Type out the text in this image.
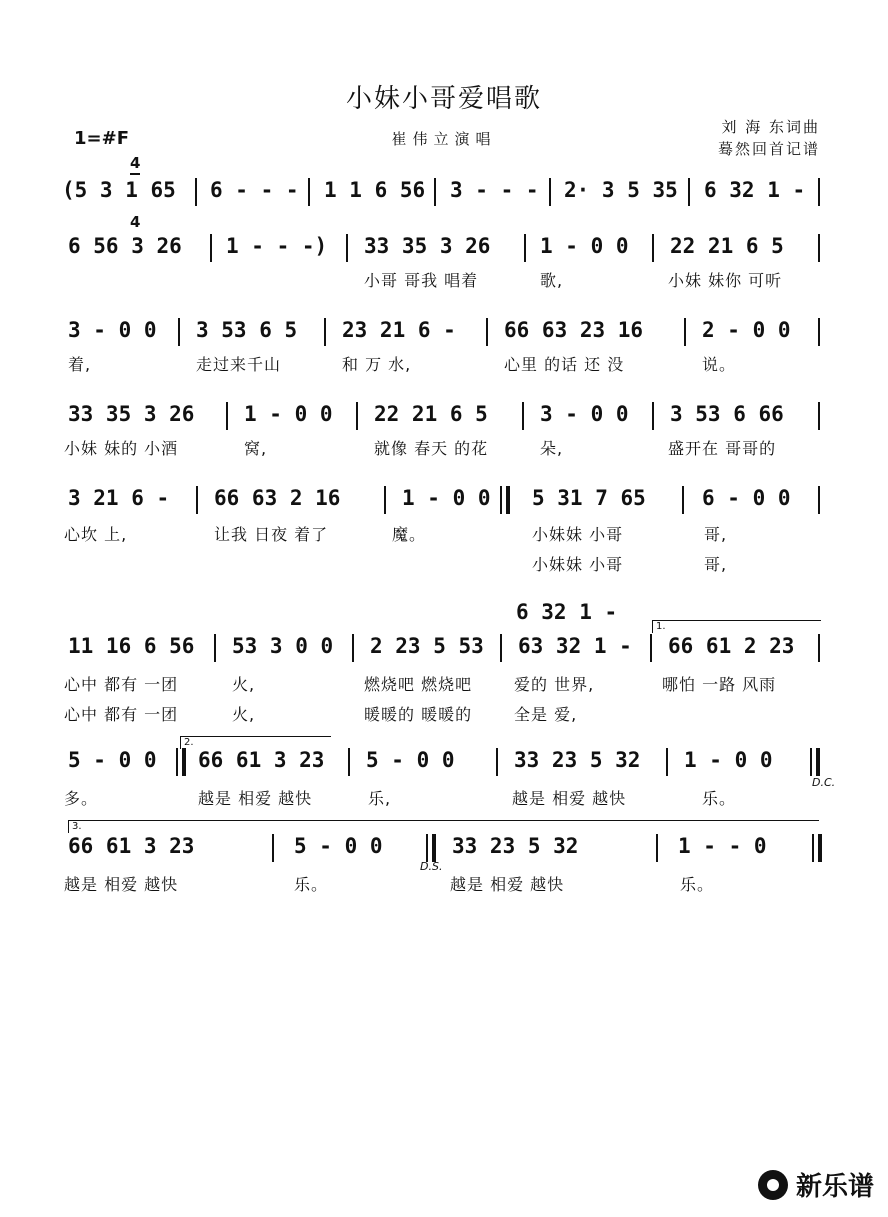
小妹小哥爱唱歌
1=#F

4

4

崔伟立演唱
刘 海 东词曲
蓦然回首记谱

(5 3 1 65

6 - - -

1 1 6 56

3 - - -

2· 3 5 35

6 32 1 -

6 56 3 26

1 - - -)

33 35 3 26

1 - 0 0

22 21 6 5

小哥 哥我 唱着

	歌,

	小妹 妹你 可听

3 - 0 0

3 53 6 5

23 21 6 -

66 63 23 16

	2 - 0 0

着,

	走过来千山

	和 万 水,

	心里 的话 还 没

	说。

33 35 3 26

1 - 0 0

22 21 6 5

3 - 0 0

3 53 6 66

小妹 妹的 小酒

	窝,

	就像 春天 的花

	朵,

	盛开在 哥哥的

3 21 6 -

66 63 2 16

	1 - 0 0

5 31 7 65

	6 - 0 0

心坎 上,

	让我 日夜 着了

	魔。

	小妹妹 小哥

	哥,

小妹妹 小哥

	哥,

6 32 1 -
1.

11 16 6 56

53 3 0 0

2 23 5 53

63 32 1 -

66 61 2 23

心中 都有 一团

	火,

	燃烧吧 燃烧吧

	爱的 世界,

	哪怕 一路 风雨

心中 都有 一团

	火,

	暖暖的 暖暖的

	全是 爱,

2.

5 - 0 0

66 61 3 23

5 - 0 0

	33 23 5 32

1 - 0 0

D.C.

多。

	越是 相爱 越快

	乐,

	越是 相爱 越快

	乐。

3.

66 61 3 23

	5 - 0 0

	33 23 5 32

	1 - - 0

D.S.

越是 相爱 越快

	乐。

	越是 相爱 越快

	乐。

新乐谱
